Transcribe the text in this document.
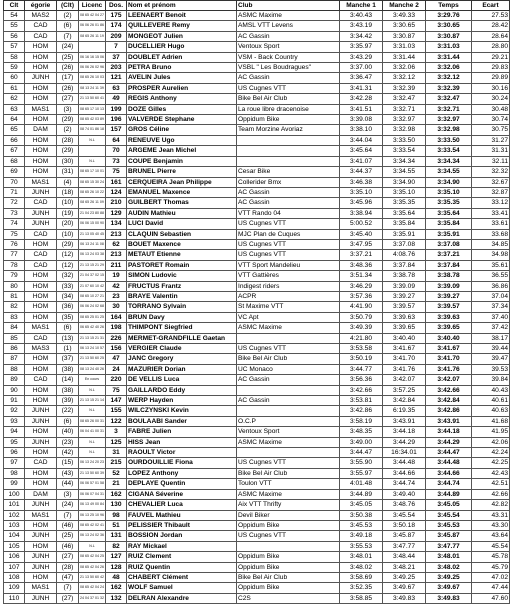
Clt	égorie	(Clt)	Licenc	Dos.	Nom et prénom	Club	Manche 1	Manche 2	Temps	Ecart
54	MAS2	(2)	08 65 42 04 27	175	LEENAERT Benoit	ASMC Maxime	3:40.43	3:49.33	3:29.76	27.53
55	CAD	(6)	06 06 26 01 86	174	QUILLEVERE Remy	AMSL VTT Levens	3:43.19	3:30.65	3:30.65	28.42
56	CAD	(7)	08 65 26 11 19	209	MONGEOT Julien	AC Gassin	3:34.42	3:30.87	3:30.87	28.64
57	HOM	(24)		7	DUCELLIER Hugo	Ventoux Sport	3:35.97	3:31.03	3:31.03	28.80
58	HOM	(25)	06 16 16 15 06	37	DOUBLET Adrien	VSM - Back Country	3:43.29	3:31.44	3:31.44	29.21
59	HOM	(26)	06 06 26 02 96	203	PETRA Bruno	VSBL " Les Boudragues"	3:37.00	3:32.06	3:32.06	29.83
60	JUNH	(17)	08 65 26 10 03	121	AVELIN Jules	AC Gassin	3:36.47	3:32.12	3:32.12	29.89
61	HOM	(26)	08 13 24 11 39	63	PROSPER Aurelien	US Cugnes VTT	3:41.31	3:32.39	3:32.39	30.16
62	HOM	(27)	21 13 50 60 41	49	REGIS Anthony	Bike Bel Air Club	3:42.28	3:32.47	3:32.47	30.24
63	MAS1	(3)	08 65 17 10 13	199	DOZE Gilles	La roue libre dracenoise	3:41.51	3:32.71	3:32.71	30.48
64	HOM	(29)	08 65 42 03 89	196	VALVERDE Stephane	Oppidum Bike	3:39.08	3:32.97	3:32.97	30.74
65	DAM	(2)	08 74 01 86 18	157	GROS Céline	Team Morzine Avoriaz	3:38.10	3:32.98	3:32.98	30.75
66	HOM	(28)	N.L	64	RENEUVE Ugo		3:44.04	3:33.50	3:33.50	31.27
67	HOM	(29)		70	ARGEME Jean Michel		3:45.64	3:33.54	3:33.54	31.31
68	HOM	(30)	N.L	73	COUPE Benjamin		3:41.07	3:34.34	3:34.34	32.11
69	HOM	(31)	08 65 17 10 01	75	BRUNEL Pierre	Cesar Bike	3:44.37	3:34.55	3:34.55	32.32
70	MAS1	(4)	08 65 15 30 24	161	CERQUEIRA Jean Philippe	Collerider Bmx	3:46.38	3:34.90	3:34.90	32.67
71	JUNH	(18)	08 65 26 10 22	124	EMANUEL Maxence	AC Gassin	3:35.10	3:35.10	3:35.10	32.87
72	CAD	(10)	08 65 26 11 09	210	GUILBERT Thomas	AC Gassin	3:45.96	3:35.35	3:35.35	33.12
73	JUNH	(19)	21 04 23 80 88	129	AUDIN Mathieu	VTT Rando 04	3:38.94	3:35.64	3:35.64	33.41
74	JUNH	(20)	06 06 15 00 90	134	LUCI David	US Cugnes VTT	5:00.52	3:35.84	3:35.84	33.61
75	CAD	(10)	21 13 05 40 45	213	CLAQUIN Sebastien	MJC Plan de Cuques	3:45.40	3:35.91	3:35.91	33.68
76	HOM	(29)	06 13 24 11 08	62	BOUET Maxence	US Cugnes VTT	3:47.95	3:37.08	3:37.08	34.85
77	CAD	(12)	06 13 24 03 38	213	METAUT Etienne	US Cugnes VTT	3:37.21	4:08.76	3:37.21	34.98
78	CAD	(12)	21 13 15 21 29	211	PASTORET Romain	VTT Sport Mandelieu	3:48.36	3:37.84	3:37.84	35.61
79	HOM	(32)	21 04 37 02 15	19	SIMON Ludovic	VTT Gattières	3:51.34	3:38.78	3:38.78	36.55
80	HOM	(33)	21 07 60 10 42	42	FRUCTUS Frantz	Indigest riders	3:46.29	3:39.09	3:39.09	36.86
81	HOM	(34)	08 65 10 27 21	23	BRAYE Valentin	ACPR	3:57.36	3:39.27	3:39.27	37.04
82	HOM	(36)	06 06 24 02 68	30	TORRANO Sylvain	St Maxime VTT	4:41.90	3:39.57	3:39.57	37.34
83	HOM	(35)	08 65 25 01 25	164	BRUN Davy	VC Apt	3:50.79	3:39.63	3:39.63	37.40
84	MAS1	(6)	06 65 42 40 26	198	THIMPONT Siegfried	ASMC Maxime	3:49.39	3:39.65	3:39.65	37.42
85	CAD	(13)	21 13 15 21 31	226	MERMET-GRANDFILLE Gaetan		4:21.80	3:40.40	3:40.40	38.17
86	MAS3	(1)	06 13 24 10 57	156	VERGIER Claude	US Cugnes VTT	3:53.58	3:41.67	3:41.67	39.44
87	HOM	(37)	21 13 50 60 25	47	JANC Gregory	Bike Bel Air Club	3:50.19	3:41.70	3:41.70	39.47
88	HOM	(38)	08 13 24 40 26	24	MAZURIER Dorian	UC Monaco	3:44.77	3:41.76	3:41.76	39.53
89	CAD	(14)	En cours	220	DE VELLIS Luca	AC Gassin	3:56.36	3:42.07	3:42.07	39.84
90	HOM	(38)	N.L	75	GAILLARDO Eddy		3:42.66	3:57.25	3:42.66	40.43
91	HOM	(39)	21 13 15 21 14	147	WERP Hayden	AC Gassin	3:53.81	3:42.84	3:42.84	40.61
92	JUNH	(22)	N.L	155	WILCZYNSKI Kevin		3:42.86	6:19.35	3:42.86	40.63
93	JUNH	(6)	08 65 26 00 31	122	BOULAABI Sander	O.C.P	3:58.19	3:43.91	3:43.91	41.68
94	HOM	(40)	06 04 41 00 31	3	FABRE Julien	Ventoux Sport	3:48.35	3:44.18	3:44.18	41.95
95	JUNH	(23)	N.L	125	HISS Jean	ASMC Maxime	3:49.00	3:44.29	3:44.29	42.06
96	HOM	(42)	N.L	31	RAOULT Victor		3:44.47	16:34.01	3:44.47	42.24
97	CAD	(15)	06 13 24 20 23	215	OURDOUILLIE Fiona	US Cugnes VTT	3:55.90	3:44.48	3:44.48	42.25
98	HOM	(43)	21 13 50 60 39	52	LOPEZ Anthony	Bike Bel Air Club	3:55.97	3:44.66	3:44.66	42.43
99	HOM	(44)	06 06 57 01 58	21	DEPLAYE Quentin	Toulon VTT	4:01.48	3:44.74	3:44.74	42.51
100	DAM	(3)	06 06 07 04 31	162	CIGANA Séverine	ASMC Maxime	3:44.89	3:49.40	3:44.89	42.66
101	JUNH	(24)	06 13 49 00 84	130	CHEVALIER Luca	Aix VTT Thrifty	3:45.05	3:48.76	3:45.05	42.82
102	MAS1	(7)	06 13 25 10 96	98	FAUVEL Mathieu	Devil Biker	3:50.38	3:45.54	3:45.54	43.31
103	HOM	(46)	08 65 42 02 41	51	PELISSIER Thibault	Oppidum Bike	3:45.53	3:50.18	3:45.53	43.30
104	JUNH	(25)	06 13 24 02 36	131	BOSSION Jordan	US Cugnes VTT	3:49.18	3:45.87	3:45.87	43.64
105	HOM	(46)	N.L	82	RAY Mickael		3:55.53	3:47.77	3:47.77	45.54
106	JUNH	(27)	08 65 42 04 25	127	RUIZ Clement	Oppidum Bike	3:48.01	3:48.44	3:48.01	45.78
107	JUNH	(28)	08 65 42 04 26	128	RUIZ Quentin	Oppidum Bike	3:48.02	3:48.21	3:48.02	45.79
108	HOM	(47)	21 13 50 60 42	48	CHABERT Clément	Bike Bel Air Club	3:58.69	3:49.25	3:49.25	47.02
109	MAS1	(7)	08 65 42 04 24	162	WOLF Samuel	Oppidum Bike	3:52.35	3:49.67	3:49.67	47.44
110	JUNH	(27)	24 04 37 01 32	132	DELRAN Alexandre	C2S	3:58.85	3:49.83	3:49.83	47.60
